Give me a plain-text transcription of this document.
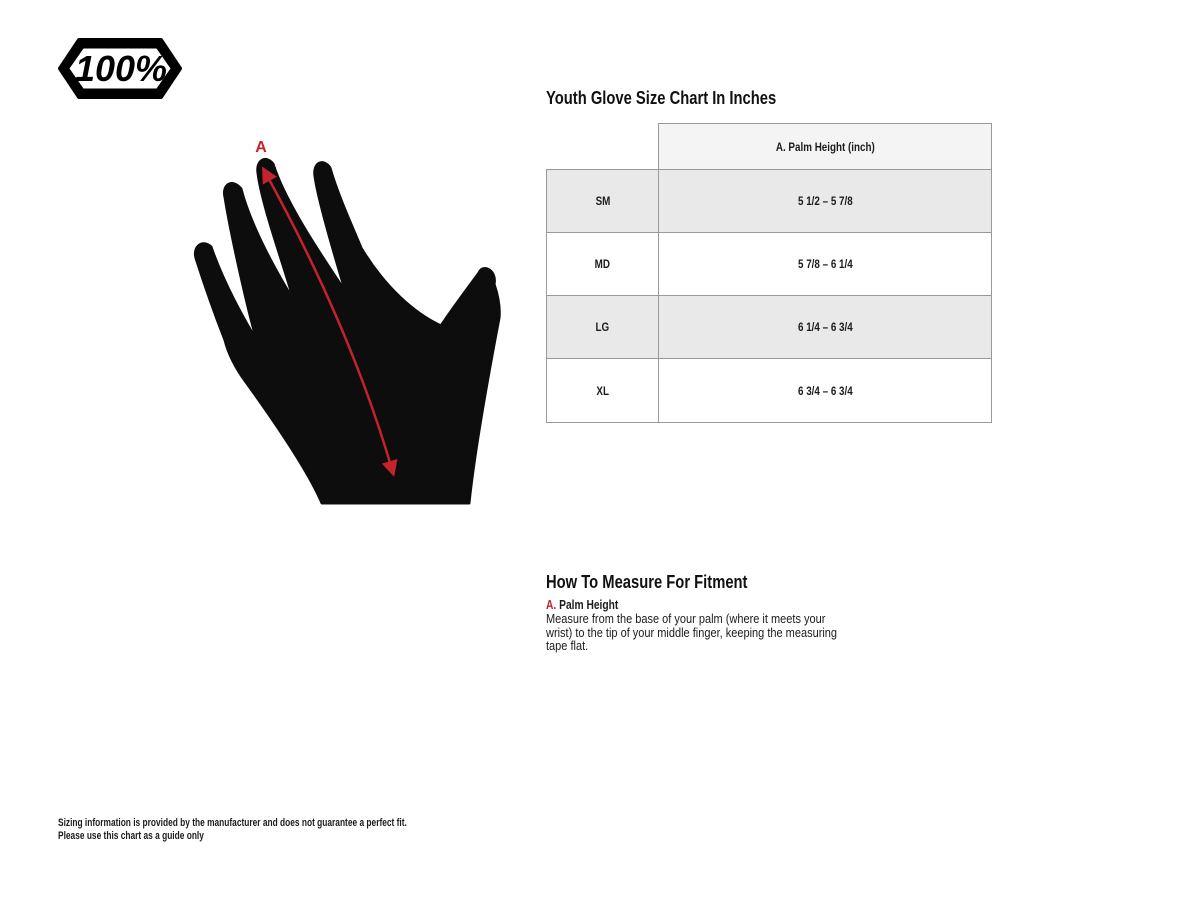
100%
A
Youth Glove Size Chart In Inches
A. Palm Height (inch)
SM	5 1/2 – 5 7/8
MD	5 7/8 – 6 1/4
LG	6 1/4 – 6 3/4
XL	6 3/4 – 6 3/4
How To Measure For Fitment
A. Palm Height
Measure from the base of your palm (where it meets your wrist) to the tip of your middle finger, keeping the measuring tape flat.
Sizing information is provided by the manufacturer and does not guarantee a perfect fit.
Please use this chart as a guide only
